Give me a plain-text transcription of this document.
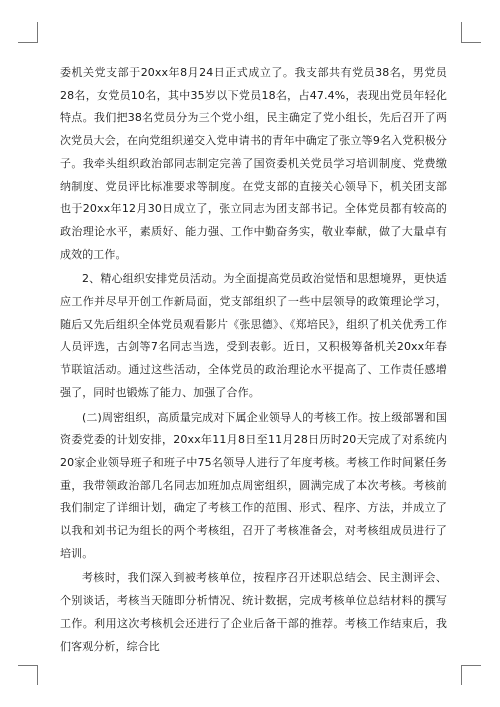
委机关党支部于20xx年8月24日正式成立了。我支部共有党员38名，男党员28名，女党员10名，其中35岁以下党员18名，占47.4%，表现出党员年轻化特点。我们把38名党员分为三个党小组，民主确定了党小组长，先后召开了两次党员大会，在向党组织递交入党申请书的青年中确定了张立等9名入党积极分子。我牵头组织政治部同志制定完善了国资委机关党员学习培训制度、党费缴纳制度、党员评比标准要求等制度。在党支部的直接关心领导下，机关团支部也于20xx年12月30日成立了，张立同志为团支部书记。全体党员都有较高的政治理论水平，素质好、能力强、工作中勤奋务实，敬业奉献，做了大量卓有成效的工作。

2、精心组织安排党员活动。为全面提高党员政治觉悟和思想境界，更快适应工作并尽早开创工作新局面，党支部组织了一些中层领导的政策理论学习，随后又先后组织全体党员观看影片《张思德》、《郑培民》，组织了机关优秀工作人员评选，古剑等7名同志当选，受到表彰。近日，又积极筹备机关20xx年春节联谊活动。通过这些活动，全体党员的政治理论水平提高了、工作责任感增强了，同时也锻炼了能力、加强了合作。

(二)周密组织，高质量完成对下属企业领导人的考核工作。按上级部署和国资委党委的计划安排，20xx年11月8日至11月28日历时20天完成了对系统内20家企业领导班子和班子中75名领导人进行了年度考核。考核工作时间紧任务重，我带领政治部几名同志加班加点周密组织，圆满完成了本次考核。考核前我们制定了详细计划，确定了考核工作的范围、形式、程序、方法，并成立了以我和刘书记为组长的两个考核组，召开了考核准备会，对考核组成员进行了培训。

考核时，我们深入到被考核单位，按程序召开述职总结会、民主测评会、个别谈话，考核当天随即分析情况、统计数据，完成考核单位总结材料的撰写工作。利用这次考核机会还进行了企业后备干部的推荐。考核工作结束后，我们客观分析，综合比
